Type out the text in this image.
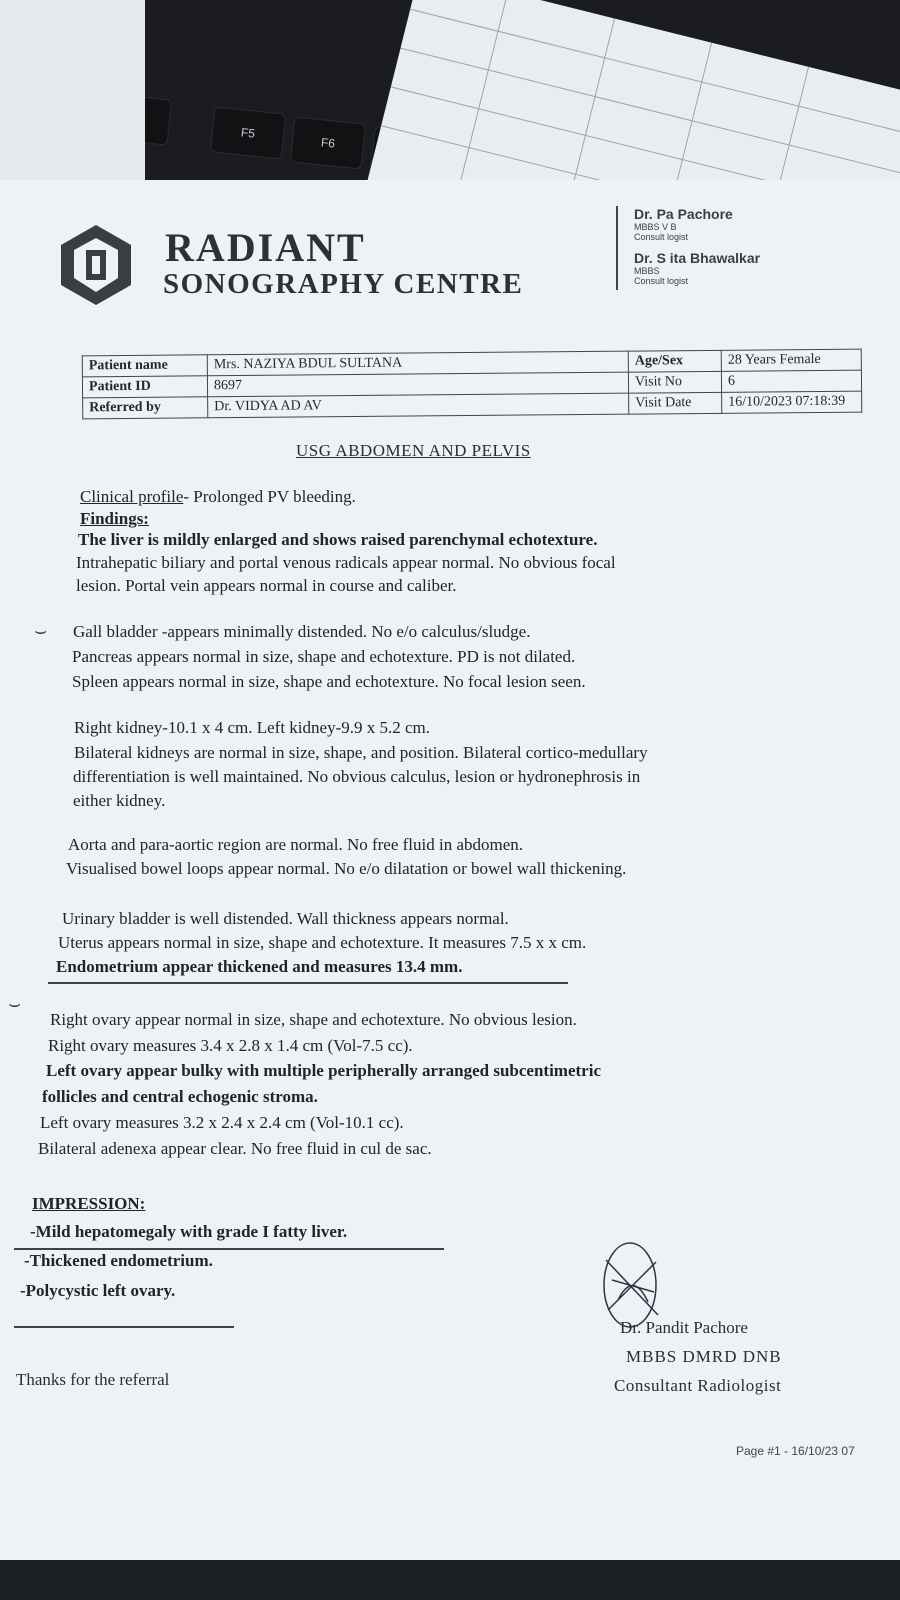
F5
F6
RADIANT
SONOGRAPHY CENTRE
Dr. Pa Pachore
MBBS V B
Consult logist
Dr. S ita Bhawalkar
MBBS
Consult logist
Patient name	Mrs. NAZIYA BDUL SULTANA	Age/Sex	28 Years Female
Patient ID	8697	Visit No	6
Referred by	Dr. VIDYA AD AV	Visit Date	16/10/2023 07:18:39
USG ABDOMEN AND PELVIS
Clinical profile- Prolonged PV bleeding.
Findings:
The liver is mildly enlarged and shows raised parenchymal echotexture.
Intrahepatic biliary and portal venous radicals appear normal. No obvious focal
lesion. Portal vein appears normal in course and caliber.
⌣ Gall bladder -appears minimally distended. No e/o calculus/sludge.
Pancreas appears normal in size, shape and echotexture. PD is not dilated.
Spleen appears normal in size, shape and echotexture. No focal lesion seen.
Right kidney-10.1 x 4 cm. Left kidney-9.9 x 5.2 cm.
Bilateral kidneys are normal in size, shape, and position. Bilateral cortico-medullary
differentiation is well maintained. No obvious calculus, lesion or hydronephrosis in
either kidney.
Aorta and para-aortic region are normal. No free fluid in abdomen.
Visualised bowel loops appear normal. No e/o dilatation or bowel wall thickening.
Urinary bladder is well distended. Wall thickness appears normal.
Uterus appears normal in size, shape and echotexture. It measures 7.5 x x cm.
Endometrium appear thickened and measures 13.4 mm.
⌣
Right ovary appear normal in size, shape and echotexture. No obvious lesion.
Right ovary measures 3.4 x 2.8 x 1.4 cm (Vol-7.5 cc).
Left ovary appear bulky with multiple peripherally arranged subcentimetric
follicles and central echogenic stroma.
Left ovary measures 3.2 x 2.4 x 2.4 cm (Vol-10.1 cc).
Bilateral adenexa appear clear. No free fluid in cul de sac.
IMPRESSION:
-Mild hepatomegaly with grade I fatty liver.
-Thickened endometrium.
-Polycystic left ovary.
Dr. Pandit Pachore
MBBS DMRD DNB
Consultant Radiologist
Thanks for the referral
Page #1 - 16/10/23 07
